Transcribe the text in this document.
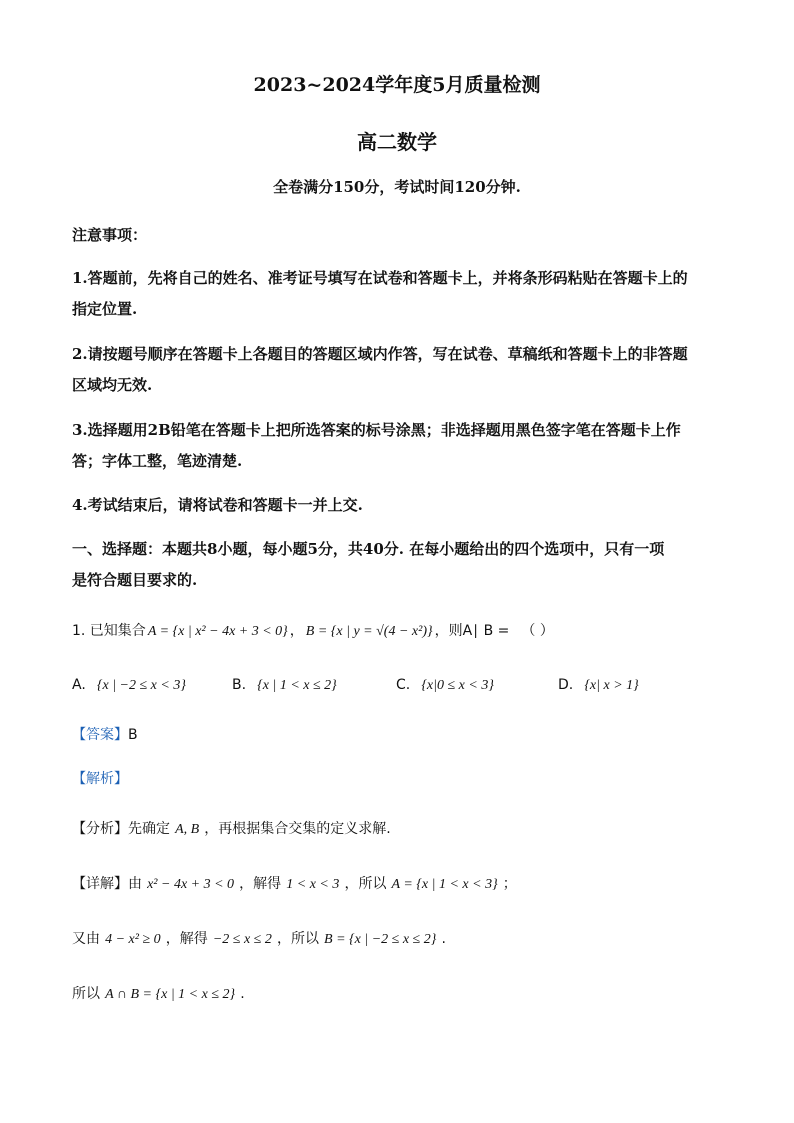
2023~2024学年度5月质量检测
高二数学
全卷满分150分，考试时间120分钟.
注意事项：
1.答题前，先将自己的姓名、准考证号填写在试卷和答题卡上，并将条形码粘贴在答题卡上的
指定位置.
2.请按题号顺序在答题卡上各题目的答题区域内作答，写在试卷、草稿纸和答题卡上的非答题
区域均无效.
3.选择题用2B铅笔在答题卡上把所选答案的标号涂黑；非选择题用黑色签字笔在答题卡上作
答；字体工整，笔迹清楚.
4.考试结束后，请将试卷和答题卡一并上交.
一、选择题：本题共8小题，每小题5分，共40分. 在每小题给出的四个选项中，只有一项
是符合题目要求的.
1. 已知集合 A = {x | x² − 4x + 3 < 0} ， B = {x | y = √(4 − x²)} ，则A∣ B = （ ）
A. {x | −2 ≤ x < 3}	B. {x | 1 < x ≤ 2}	C. {x|0 ≤ x < 3}	D. {x| x > 1}
【答案】B
【解析】
【分析】先确定 A, B ，再根据集合交集的定义求解.
【详解】由 x² − 4x + 3 < 0 ，解得 1 < x < 3 ，所以 A = {x | 1 < x < 3} ；
又由 4 − x² ≥ 0 ，解得 −2 ≤ x ≤ 2 ，所以 B = {x | −2 ≤ x ≤ 2} .
所以 A ∩ B = {x | 1 < x ≤ 2} .
